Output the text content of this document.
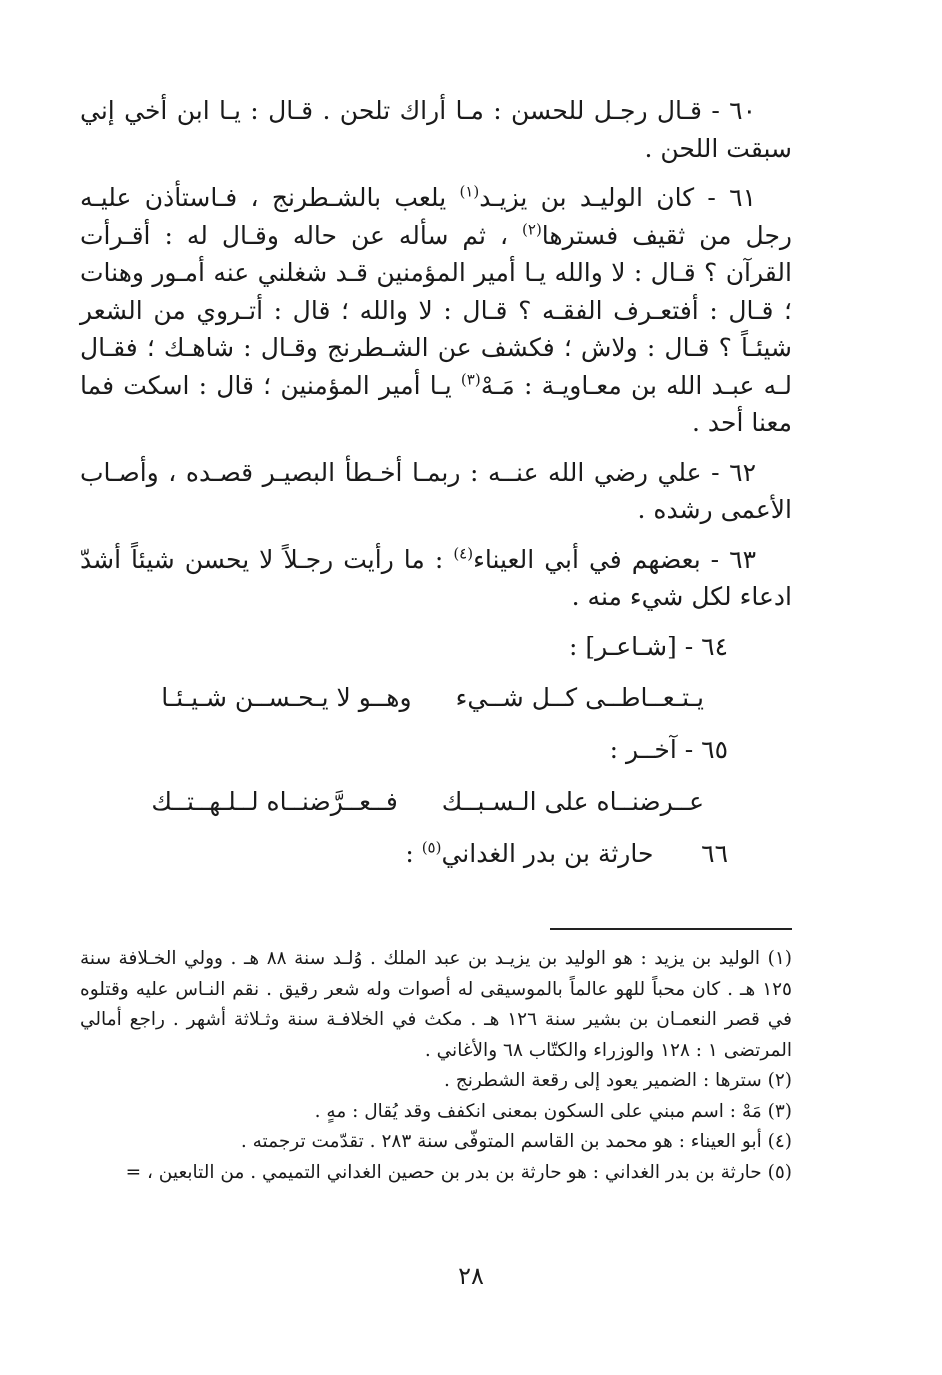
٦٠ - قـال رجـل للحسن : مـا أراك تلحن . قـال : يـا ابن أخي إني سبقت اللحن .

٦١ - كان الوليـد بن يزيـد$^{(١)}$ يلعب بالشـطرنج ، فـاستأذن عليـه رجل من ثقيف فسترها$^{(٢)}$ ، ثم سأله عن حاله وقـال له : أقـرأت القرآن ؟ قـال : لا والله يـا أمير المؤمنين قـد شغلني عنه أمـور وهنات ؛ قـال : أفتعـرف الفقـه ؟ قـال : لا والله ؛ قال : أتـروي من الشعر شيئـاً ؟ قـال : ولاش ؛ فكشف عن الشـطرنج وقـال : شاهـك ؛ فقـال لـه عبـد الله بن معـاويـة : مَـهْ$^{(٣)}$ يـا أمير المؤمنين ؛ قال : اسكت فما معنا أحد .

٦٢ - علي رضي الله عنــه : ربمـا أخـطأ البصيـر قصـده ، وأصـاب الأعمى رشده .

٦٣ - بعضهم في أبي العيناء$^{(٤)}$ : ما رأيت رجـلاً لا يحسن شيئاً أشدّ ادعاء لكل شيء منه .

٦٤ - [شـاعـر] :
يـتـعــاطــى كــل شــيء
وهــو لا يـحـســن شـيـئـا
٦٥ - آخــر :
عــرضنــاه على الـسـبــك
فــعــرَّضنــاه لــلـهــتــك
٦٦      حارثة بن بدر الغداني$^{(٥)}$ :

(١) الوليد بن يزيد : هو الوليد بن يزيـد بن عبد الملك . وُلـد سنة ٨٨ هـ . وولي الخـلافة سنة ١٢٥ هـ . كان محباً للهو عالماً بالموسيقى له أصوات وله شعر رقيق . نقم النـاس عليه وقتلوه في قصر النعمـان بن بشير سنة ١٢٦ هـ . مكث في الخلافـة سنة وثـلاثة أشهر . راجع أمالي المرتضى ١ : ١٢٨ والوزراء والكتّاب ٦٨ والأغاني .

(٢) سترها : الضمير يعود إلى رقعة الشطرنج .

(٣) مَهْ : اسم مبني على السكون بمعنى انكفف وقد يُقال : مهٍ .

(٤) أبو العيناء : هو محمد بن القاسم المتوفّى سنة ٢٨٣ . تقدّمت ترجمته .

(٥) حارثة بن بدر الغداني : هو حارثة بن بدر بن حصين الغداني التميمي . من التابعين ، =

٢٨
